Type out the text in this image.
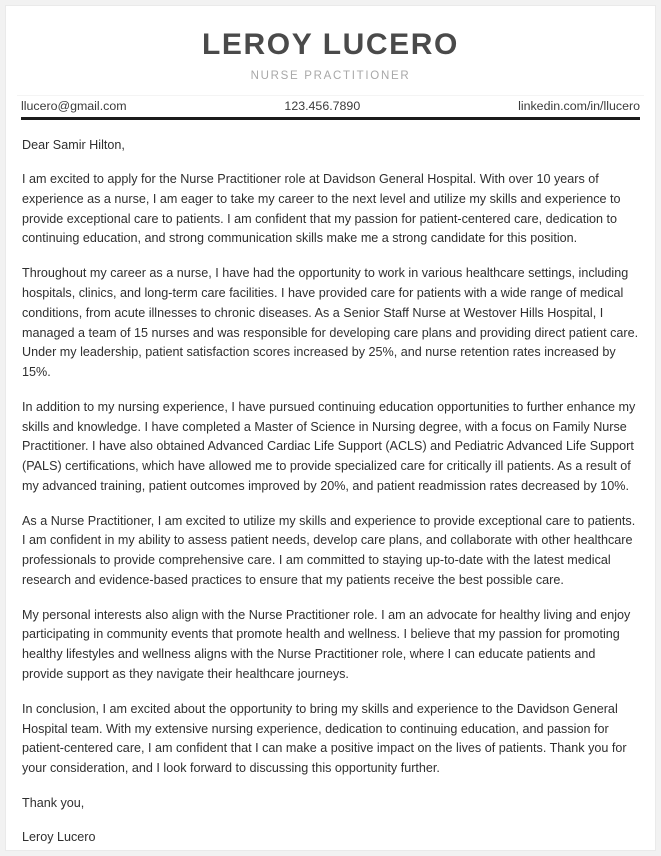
LEROY LUCERO
NURSE PRACTITIONER
llucero@gmail.com	123.456.7890	linkedin.com/in/llucero

Dear Samir Hilton,

I am excited to apply for the Nurse Practitioner role at Davidson General Hospital. With over 10 years of experience as a nurse, I am eager to take my career to the next level and utilize my skills and experience to provide exceptional care to patients. I am confident that my passion for patient-centered care, dedication to continuing education, and strong communication skills make me a strong candidate for this position.

Throughout my career as a nurse, I have had the opportunity to work in various healthcare settings, including hospitals, clinics, and long-term care facilities. I have provided care for patients with a wide range of medical conditions, from acute illnesses to chronic diseases. As a Senior Staff Nurse at Westover Hills Hospital, I managed a team of 15 nurses and was responsible for developing care plans and providing direct patient care. Under my leadership, patient satisfaction scores increased by 25%, and nurse retention rates increased by 15%.

In addition to my nursing experience, I have pursued continuing education opportunities to further enhance my skills and knowledge. I have completed a Master of Science in Nursing degree, with a focus on Family Nurse Practitioner. I have also obtained Advanced Cardiac Life Support (ACLS) and Pediatric Advanced Life Support (PALS) certifications, which have allowed me to provide specialized care for critically ill patients. As a result of my advanced training, patient outcomes improved by 20%, and patient readmission rates decreased by 10%.

As a Nurse Practitioner, I am excited to utilize my skills and experience to provide exceptional care to patients. I am confident in my ability to assess patient needs, develop care plans, and collaborate with other healthcare professionals to provide comprehensive care. I am committed to staying up-to-date with the latest medical research and evidence-based practices to ensure that my patients receive the best possible care.

My personal interests also align with the Nurse Practitioner role. I am an advocate for healthy living and enjoy participating in community events that promote health and wellness. I believe that my passion for promoting healthy lifestyles and wellness aligns with the Nurse Practitioner role, where I can educate patients and provide support as they navigate their healthcare journeys.

In conclusion, I am excited about the opportunity to bring my skills and experience to the Davidson General Hospital team. With my extensive nursing experience, dedication to continuing education, and passion for patient-centered care, I am confident that I can make a positive impact on the lives of patients. Thank you for your consideration, and I look forward to discussing this opportunity further.

Thank you,

Leroy Lucero
